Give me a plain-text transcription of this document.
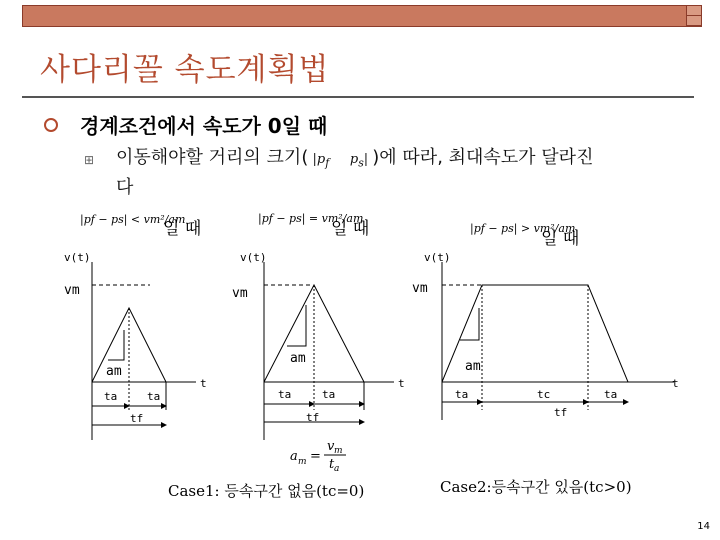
사다리꼴 속도계획법
경계조건에서 속도가 0일 때
⊞ 이동해야할 거리의 크기( $|p_f$     $p_s|$ )에 따라, 최대속도가 달라진
다
|pf − ps| < vm²/am
일 때
|pf − ps| = vm²/am
일 때	|pf − ps| > vm²/am
일 때
a m =
v m
t a
v(t)
vm
am
t
ta	ta
tf
v(t)
vm
am
t
ta	ta
tf
v(t)
vm
am
t
ta	tc	ta
tf
Case1: 등속구간 없음(tc=0)	Case2:등속구간 있음(tc>0)
14
